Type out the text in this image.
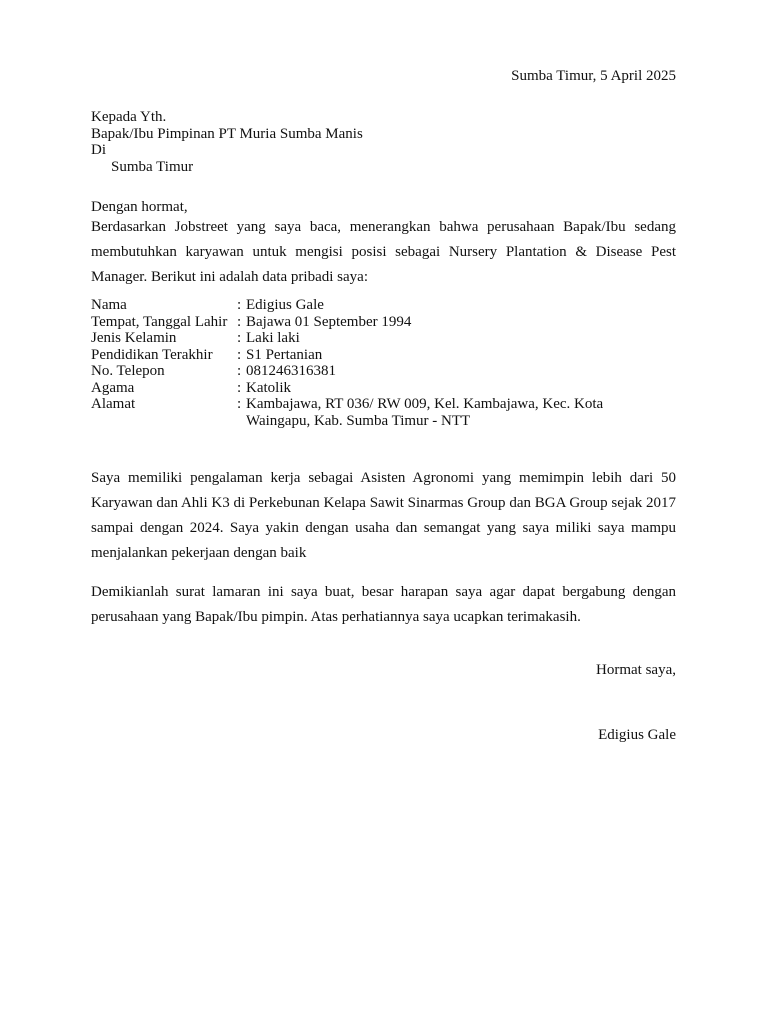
Sumba Timur, 5 April 2025
Kepada Yth.
Bapak/Ibu Pimpinan PT Muria Sumba Manis
Di
Sumba Timur
Dengan hormat,
Berdasarkan Jobstreet yang saya baca, menerangkan bahwa perusahaan Bapak/Ibu sedang membutuhkan karyawan untuk mengisi posisi sebagai Nursery Plantation & Disease Pest Manager. Berikut ini adalah data pribadi saya:
Nama	: Edigius Gale
Tempat, Tanggal Lahir	: Bajawa 01 September 1994
Jenis Kelamin	: Laki laki
Pendidikan Terakhir	: S1 Pertanian
No. Telepon	: 081246316381
Agama	: Katolik
Alamat	: Kambajawa, RT 036/ RW 009, Kel. Kambajawa, Kec. Kota
Waingapu, Kab. Sumba Timur - NTT
Saya memiliki pengalaman kerja sebagai Asisten Agronomi yang memimpin lebih dari 50 Karyawan dan Ahli K3 di Perkebunan Kelapa Sawit Sinarmas Group dan BGA Group sejak 2017 sampai dengan 2024. Saya yakin dengan usaha dan semangat yang saya miliki saya mampu menjalankan pekerjaan dengan baik
Demikianlah surat lamaran ini saya buat, besar harapan saya agar dapat bergabung dengan perusahaan yang Bapak/Ibu pimpin. Atas perhatiannya saya ucapkan terimakasih.
Hormat saya,
Edigius Gale
